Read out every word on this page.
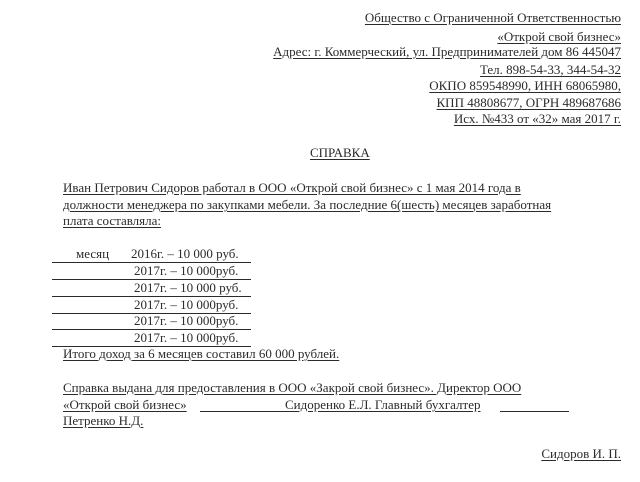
Общество с Ограниченной Ответственностью
«Открой свой бизнес»
Адрес: г. Коммерческий, ул. Предпринимателей дом 86 445047
Тел. 898-54-33, 344-54-32
ОКПО 859548990, ИНН 68065980,
КПП 48808677, ОГРН 489687686
Исх. №433 от «32» мая 2017 г.
СПРАВКА
Иван Петрович Сидоров работал в ООО «Открой свой бизнес» с 1 мая 2014 года в
должности менеджера по закупками мебели. За последние 6(шесть) месяцев заработная
плата составляла:
месяц 2016г. – 10 000 руб.
2017г. – 10 000руб.
2017г. – 10 000 руб.
2017г. – 10 000руб.
2017г. – 10 000руб.
2017г. – 10 000руб.
Итого доход за 6 месяцев составил 60 000 рублей.
Справка выдана для предоставления в ООО «Закрой свой бизнес». Директор ООО
«Открой свой бизнес»	Сидоренко Е.Л. Главный бухгалтер
Петренко Н.Д.
Сидоров И. П.
